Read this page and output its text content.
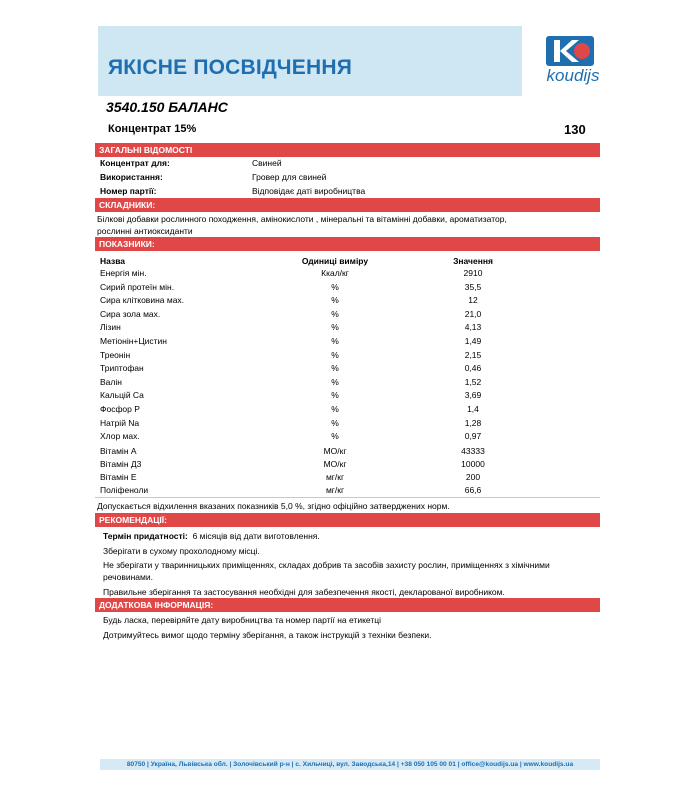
ЯКІСНЕ ПОСВІДЧЕННЯ	koudijs
3540.150 БАЛАНС
Концентрат 15%	130
ЗАГАЛЬНІ ВІДОМОСТІ
Концентрат для:	Свиней
Використання:	Гровер для свиней
Номер партії:	Відповідає даті виробництва
СКЛАДНИКИ:
Білкові добавки рослинного походження, амінокислоти , мінеральні та вітамінні добавки, ароматизатор,
рослинні антиоксиданти
ПОКАЗНИКИ:
Назва	Одиниці виміру	Значення
Енергія мін.	Ккал/кг	2910
Сирий протеїн мін.	%	35,5
Сира клітковина мах.	%	12
Сира зола мах.	%	21,0
Лізин	%	4,13
Метіонін+Цистин	%	1,49
Треонін	%	2,15
Триптофан	%	0,46
Валін	%	1,52
Кальцій Ca	%	3,69
Фосфор P	%	1,4
Натрій Na	%	1,28
Хлор мах.	%	0,97
Вітамін A	МО/кг	43333
Вітамін Д3	МО/кг	10000
Вітамін E	мг/кг	200
Поліфеноли	мг/кг	66,6
Допускається відхилення вказаних показників 5,0 %, згідно офіційно затверджених норм.
РЕКОМЕНДАЦІЇ:
Термін придатності: 6 місяців від дати виготовлення.
Зберігати в сухому прохолодному місці.
Не зберігати у тваринницьких приміщеннях, складах добрив та засобів захисту рослин, приміщеннях з хімічними
речовинами.
Правильне зберігання та застосування необхідні для забезпечення якості, декларованої виробником.
ДОДАТКОВА ІНФОРМАЦІЯ:
Будь ласка, перевіряйте дату виробництва та номер партії на етикетці
Дотримуйтесь вимог щодо терміну зберігання, а також інструкцій з техніки безпеки.
80750 | Україна, Львівська обл. | Золочівський р-н | с. Хильчиці, вул. Заводська,14 | +38 050 105 00 01 | office@koudijs.ua | www.koudijs.ua
